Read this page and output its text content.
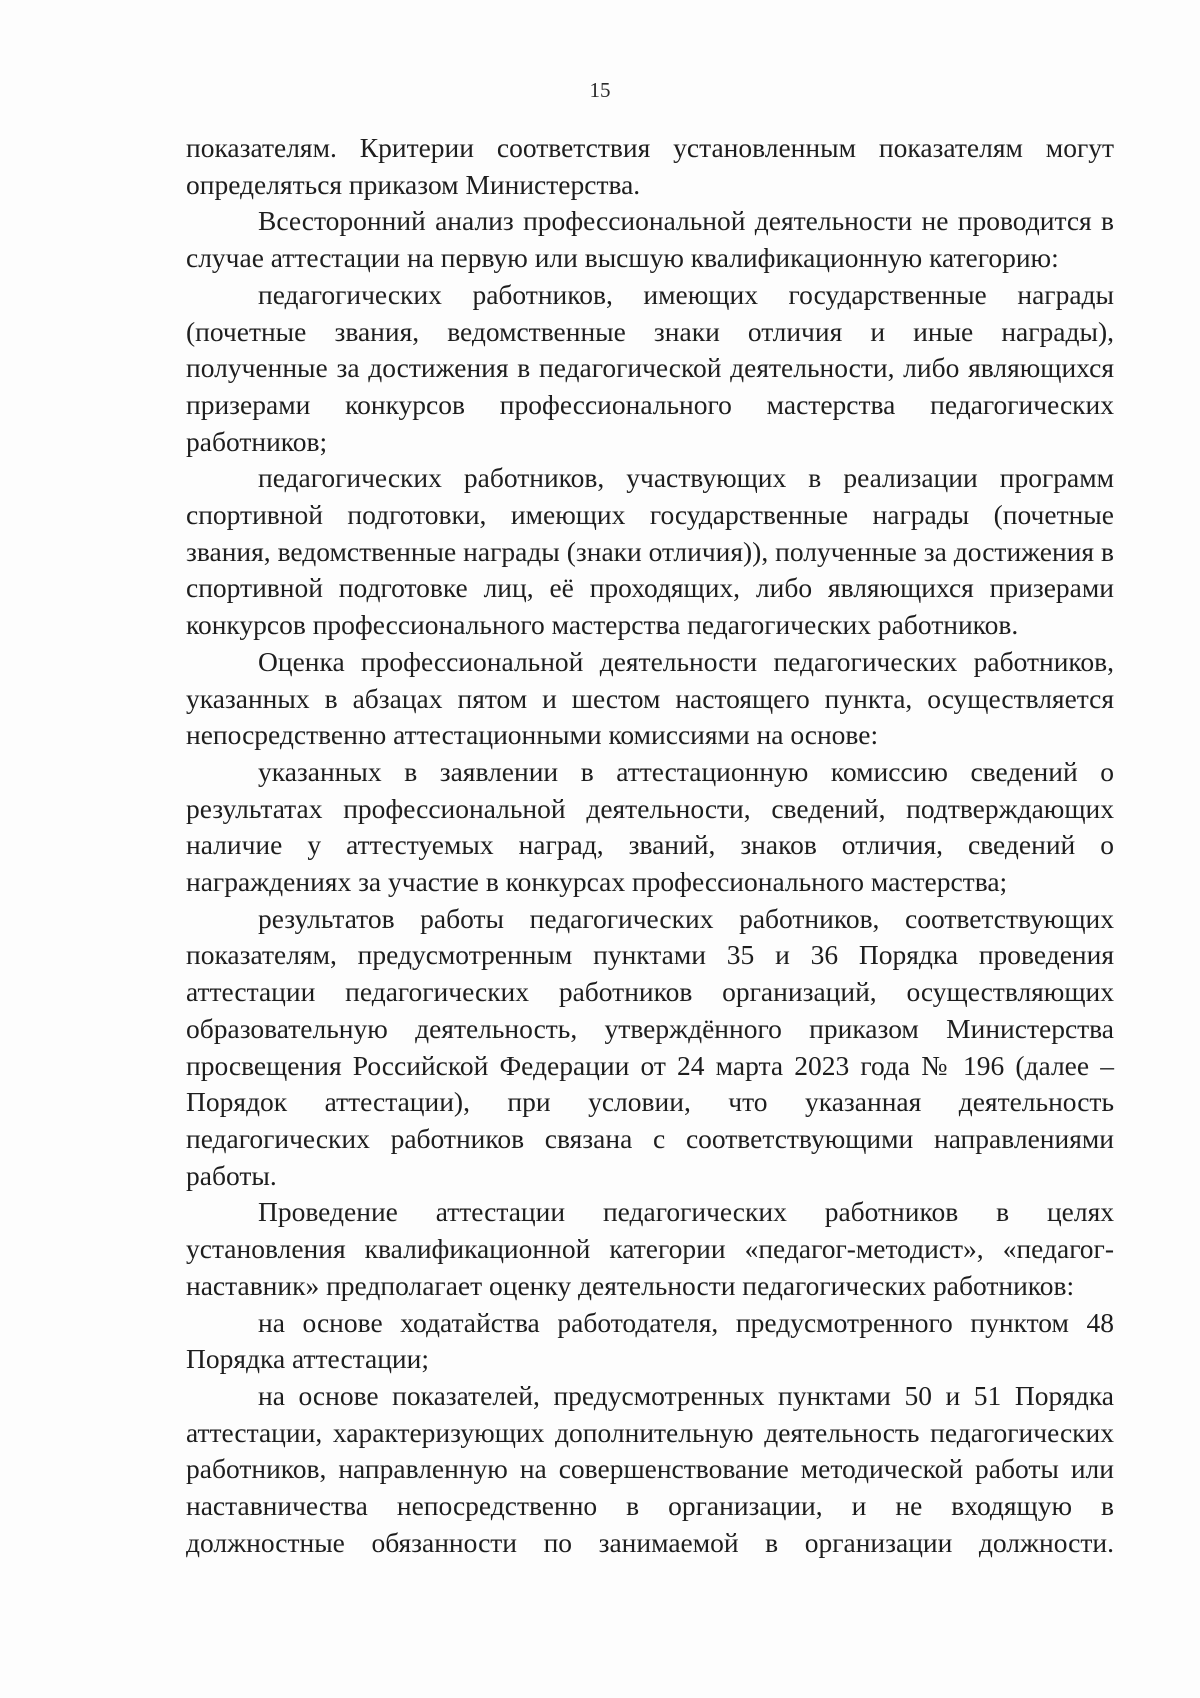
15

показателям. Критерии соответствия установленным показателям могут определяться приказом Министерства.

Всесторонний анализ профессиональной деятельности не проводится в случае аттестации на первую или высшую квалификационную категорию:

педагогических работников, имеющих государственные награды (почетные звания, ведомственные знаки отличия и иные награды), полученные за достижения в педагогической деятельности, либо являющихся призерами конкурсов профессионального мастерства педагогических работников;

педагогических работников, участвующих в реализации программ спортивной подготовки, имеющих государственные награды (почетные звания, ведомственные награды (знаки отличия)), полученные за достижения в спортивной подготовке лиц, её проходящих, либо являющихся призерами конкурсов профессионального мастерства педагогических работников.

Оценка профессиональной деятельности педагогических работников, указанных в абзацах пятом и шестом настоящего пункта, осуществляется непосредственно аттестационными комиссиями на основе:

указанных в заявлении в аттестационную комиссию сведений о результатах профессиональной деятельности, сведений, подтверждающих наличие у аттестуемых наград, званий, знаков отличия, сведений о награждениях за участие в конкурсах профессионального мастерства;

результатов работы педагогических работников, соответствующих показателям, предусмотренным пунктами 35 и 36 Порядка проведения аттестации педагогических работников организаций, осуществляющих образовательную деятельность, утверждённого приказом Министерства просвещения Российской Федерации от 24 марта 2023 года № 196 (далее – Порядок аттестации), при условии, что указанная деятельность педагогических работников связана с соответствующими направлениями работы.

Проведение аттестации педагогических работников в целях установления квалификационной категории «педагог-методист», «педагог-наставник» предполагает оценку деятельности педагогических работников:

на основе ходатайства работодателя, предусмотренного пунктом 48 Порядка аттестации;

на основе показателей, предусмотренных пунктами 50 и 51 Порядка аттестации, характеризующих дополнительную деятельность педагогических работников, направленную на совершенствование методической работы или наставничества непосредственно в организации, и не входящую в должностные обязанности по занимаемой в организации должности.
